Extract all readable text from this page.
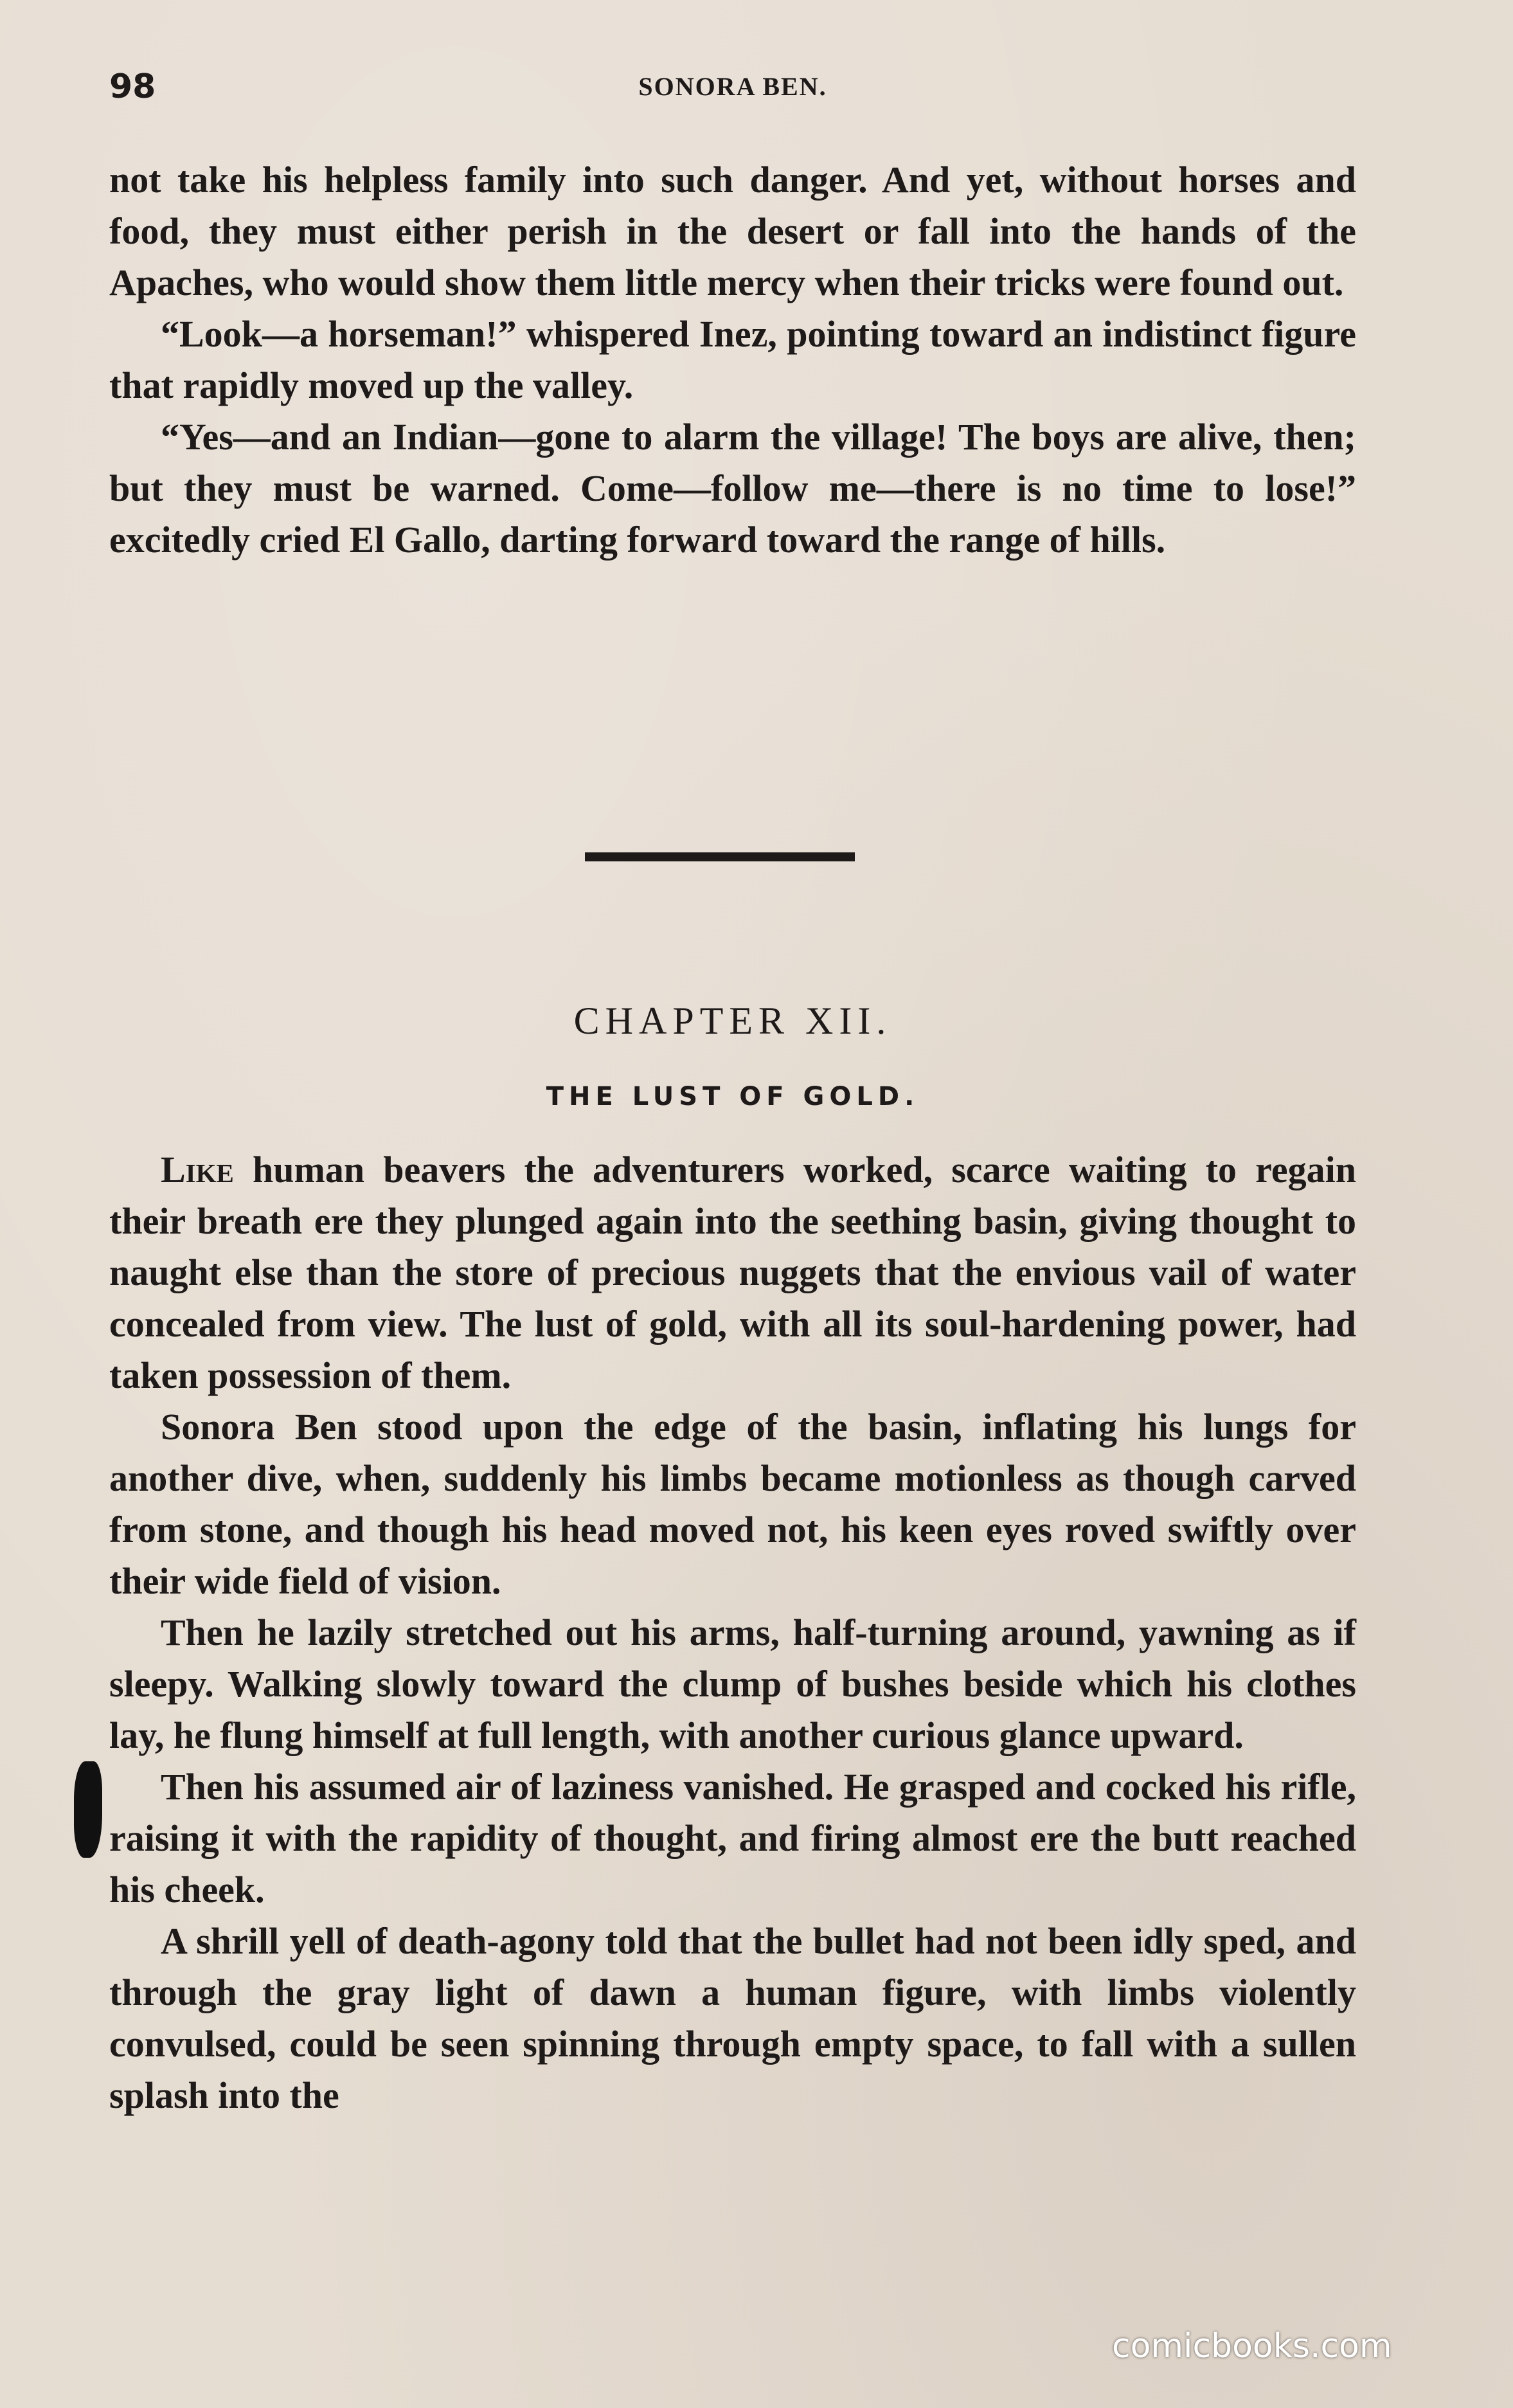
98	SONORA BEN.

not take his helpless family into such danger. And yet, without horses and food, they must either perish in the desert or fall into the hands of the Apaches, who would show them little mercy when their tricks were found out.

“Look—a horseman!” whispered Inez, pointing toward an indistinct figure that rapidly moved up the valley.

“Yes—and an Indian—gone to alarm the village! The boys are alive, then; but they must be warned. Come—follow me—there is no time to lose!” excitedly cried El Gallo, darting forward toward the range of hills.

CHAPTER XII.
THE LUST OF GOLD.

Like human beavers the adventurers worked, scarce waiting to regain their breath ere they plunged again into the seething basin, giving thought to naught else than the store of precious nuggets that the envious vail of water concealed from view. The lust of gold, with all its soul-hardening power, had taken possession of them.

Sonora Ben stood upon the edge of the basin, inflating his lungs for another dive, when, suddenly his limbs became motionless as though carved from stone, and though his head moved not, his keen eyes roved swiftly over their wide field of vision.

Then he lazily stretched out his arms, half-turning around, yawning as if sleepy. Walking slowly toward the clump of bushes beside which his clothes lay, he flung himself at full length, with another curious glance upward.

Then his assumed air of laziness vanished. He grasped and cocked his rifle, raising it with the rapidity of thought, and firing almost ere the butt reached his cheek.

A shrill yell of death-agony told that the bullet had not been idly sped, and through the gray light of dawn a human figure, with limbs violently convulsed, could be seen spinning through empty space, to fall with a sullen splash into the

comicbooks.com
